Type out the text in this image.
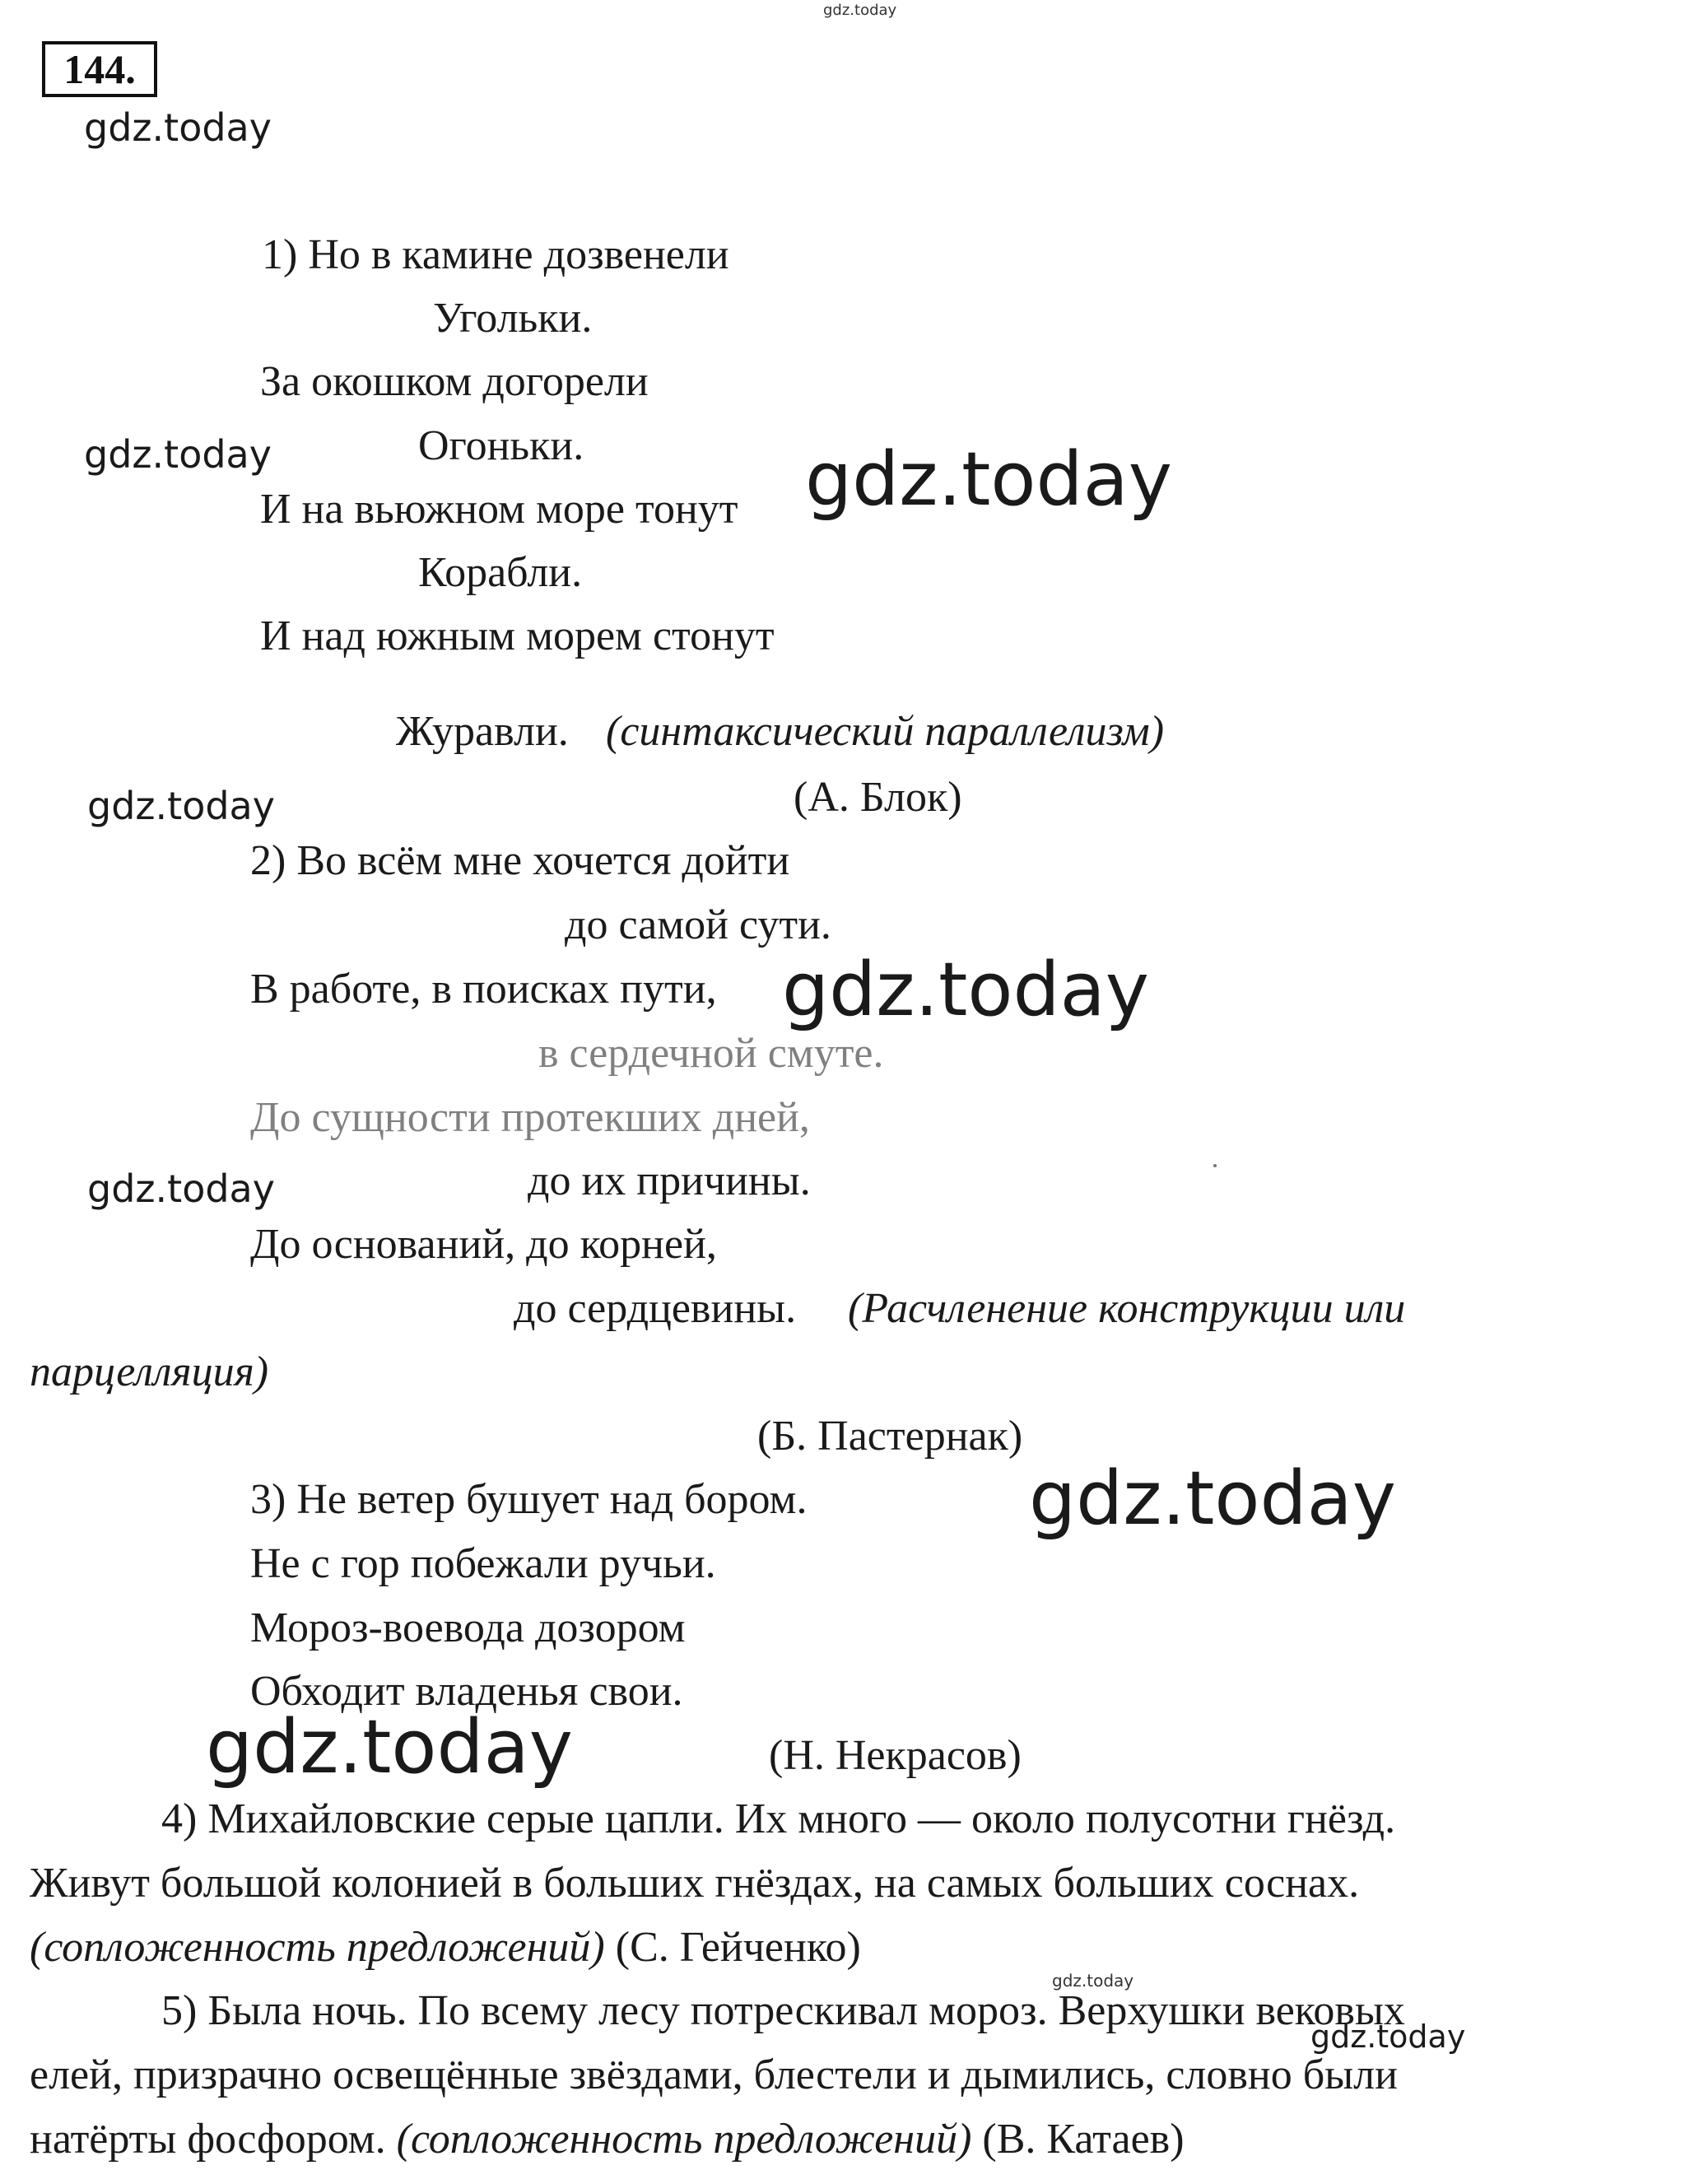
gdz.today
144.
gdz.today
1) Но в камине дозвенели
Угольки.
За окошком догорели
Огоньки.
И на вьюжном море тонут
Корабли.
И над южным морем стонут
Журавли. (синтаксический параллелизм)
(А. Блок)
gdz.today	gdz.today
gdz.today
2) Во всём мне хочется дойти
до самой сути.
В работе, в поисках пути,
в сердечной смуте.
До сущности протекших дней,
до их причины.
До оснований, до корней,
до сердцевины. (Расчленение конструкции или
парцелляция)
(Б. Пастернак)
gdz.today
gdz.today
3) Не ветер бушует над бором.
Не с гор побежали ручьи.
Мороз-воевода дозором
Обходит владенья свои.
(Н. Некрасов)
gdz.today
gdz.today
4) Михайловские серые цапли. Их много — около полусотни гнёзд.
Живут большой колонией в больших гнёздах, на самых больших соснах.
(сопложенность предложений) (С. Гейченко)
gdz.today
5) Была ночь. По всему лесу потрескивал мороз. Верхушки вековых
елей, призрачно освещённые звёздами, блестели и дымились, словно были
натёрты фосфором. (сопложенность предложений) (В. Катаев)
gdz.today
